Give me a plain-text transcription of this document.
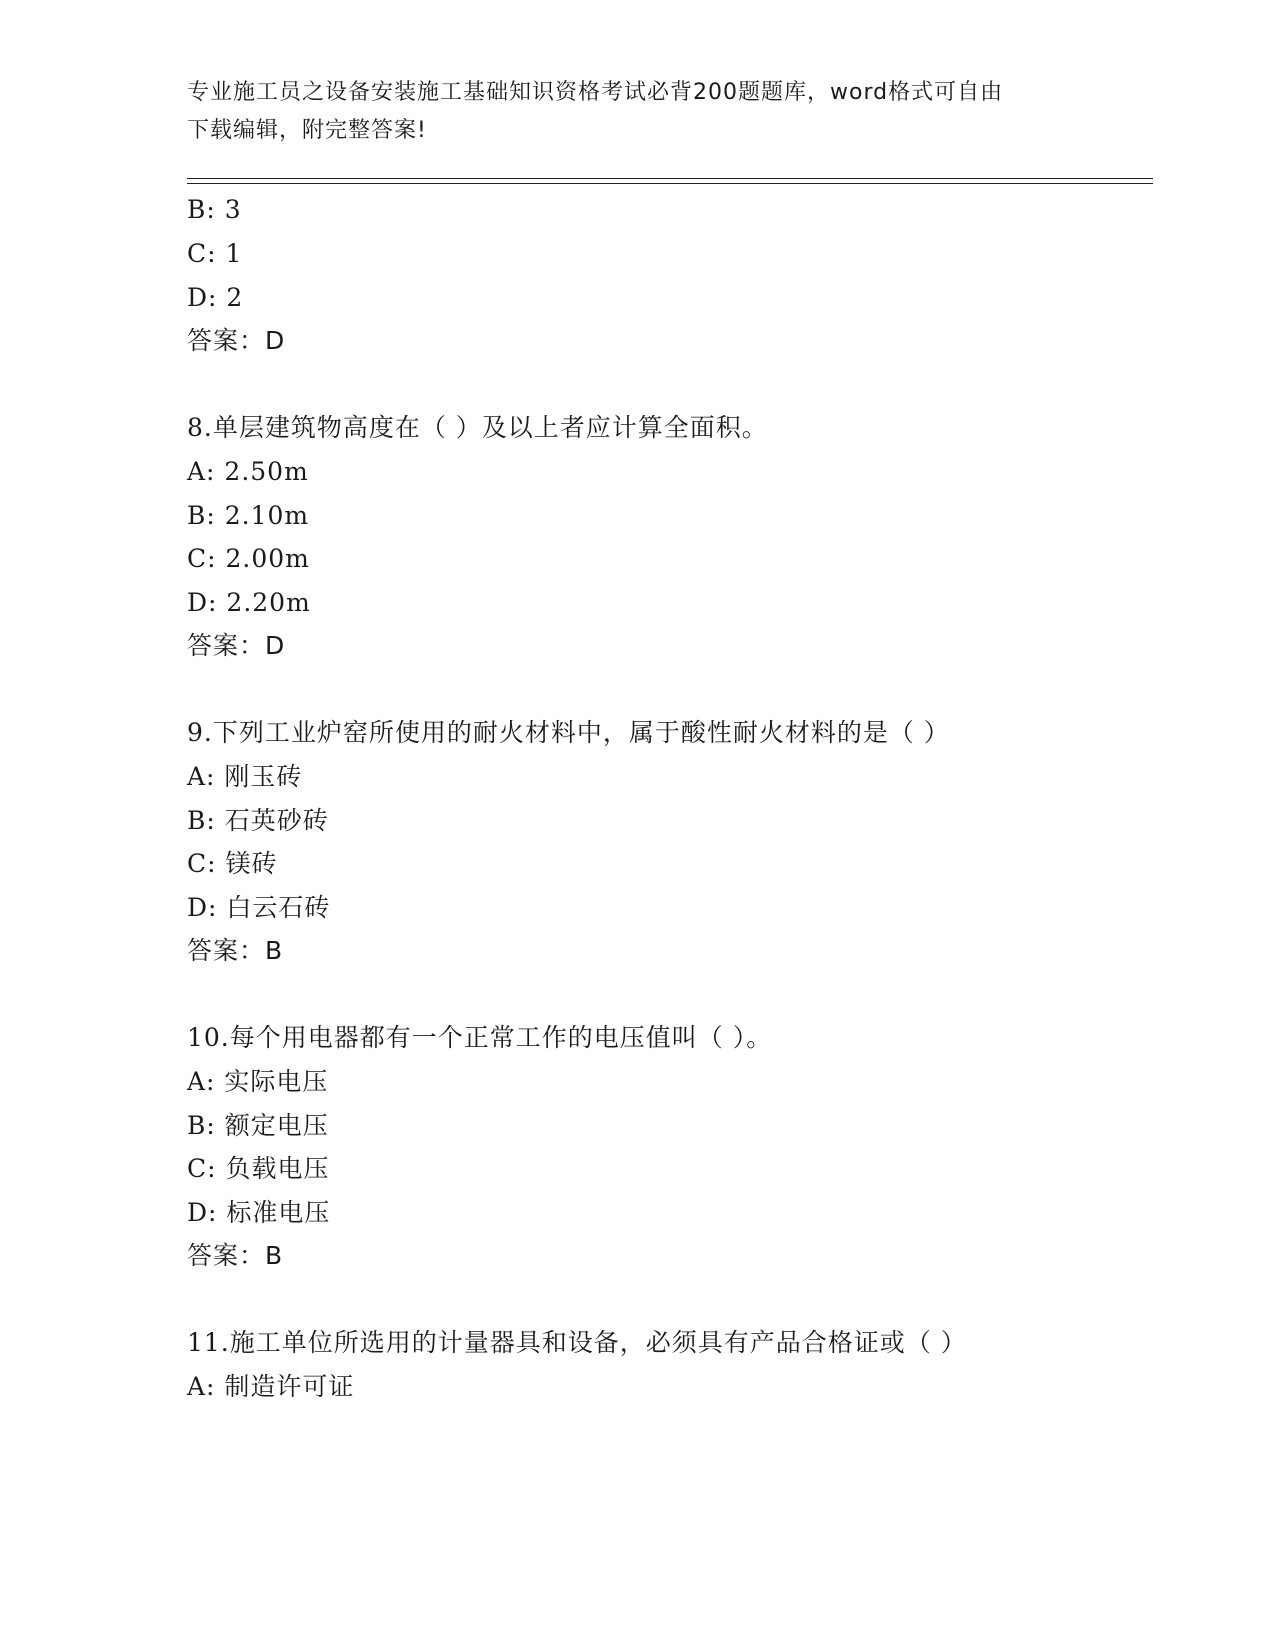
专业施工员之设备安装施工基础知识资格考试必背200题题库，word格式可自由
下载编辑，附完整答案!
B: 3
C: 1
D: 2
答案：D
8.单层建筑物高度在（ ）及以上者应计算全面积。
A: 2.50m
B: 2.10m
C: 2.00m
D: 2.20m
答案：D
9.下列工业炉窑所使用的耐火材料中，属于酸性耐火材料的是（ ）
A: 刚玉砖
B: 石英砂砖
C: 镁砖
D: 白云石砖
答案：B
10.每个用电器都有一个正常工作的电压值叫（ ）。
A: 实际电压
B: 额定电压
C: 负载电压
D: 标准电压
答案：B
11.施工单位所选用的计量器具和设备，必须具有产品合格证或（ ）
A: 制造许可证
